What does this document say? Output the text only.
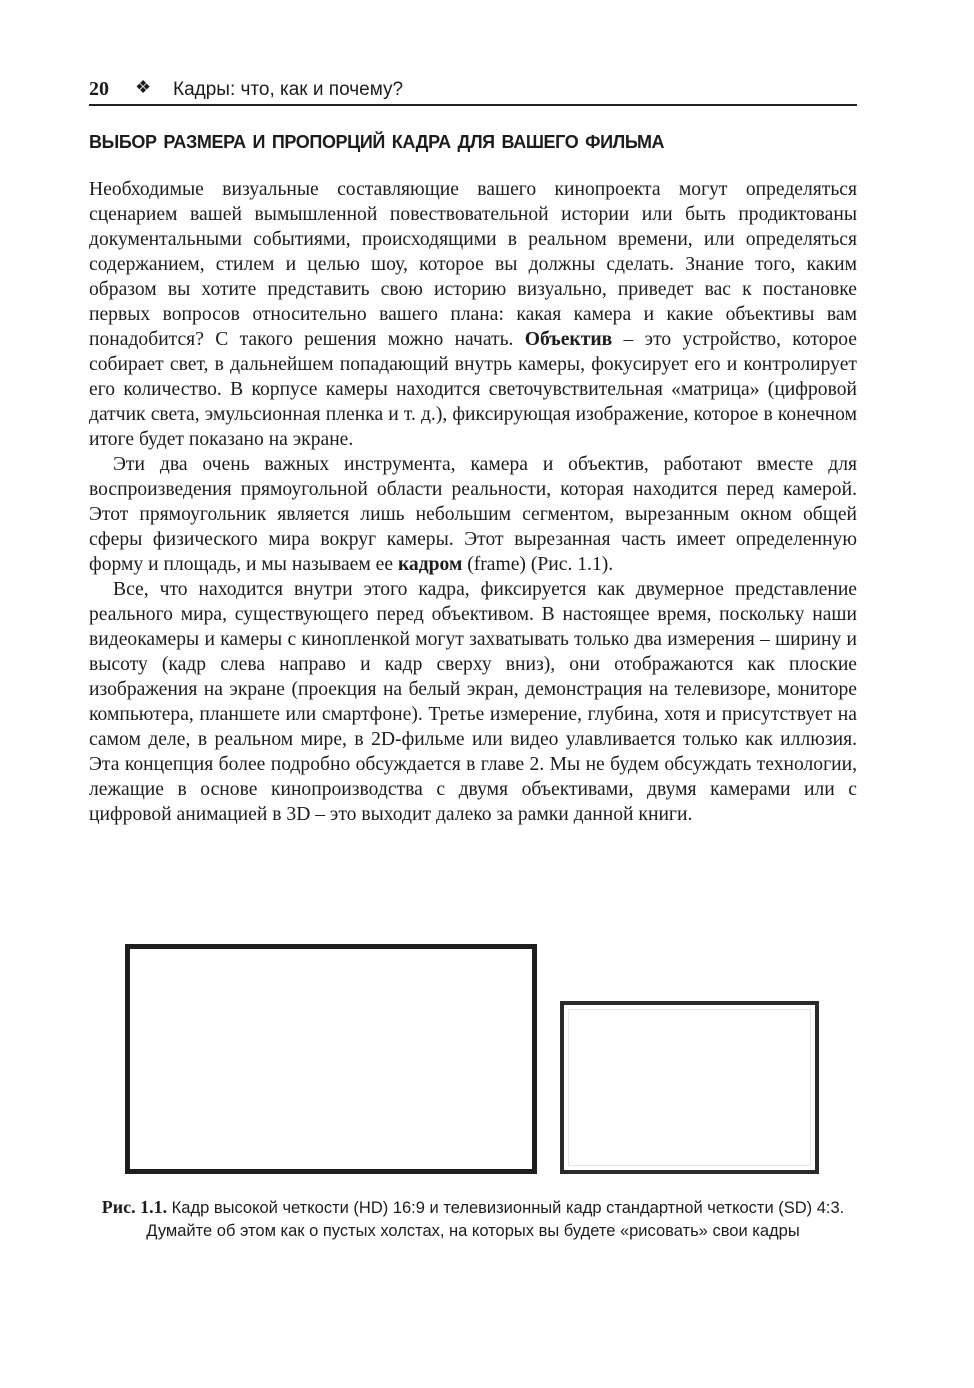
20 ❖ Кадры: что, как и почему?
выбор размера и пропорций кадра для вашего фильма

Необходимые визуальные составляющие вашего кинопроекта могут определяться сценарием вашей вымышленной повествовательной истории или быть продиктованы документальными событиями, происходящими в реальном времени, или определяться содержанием, стилем и целью шоу, которое вы должны сделать. Знание того, каким образом вы хотите представить свою историю визуально, приведет вас к постановке первых вопросов относительно вашего плана: какая камера и какие объективы вам понадобится? С такого решения можно начать. Объектив – это устройство, которое собирает свет, в дальнейшем попадающий внутрь камеры, фокусирует его и контролирует его количество. В корпусе камеры находится светочувствительная «матрица» (цифровой датчик света, эмульсионная пленка и т. д.), фиксирующая изображение, которое в конечном итоге будет показано на экране.

Эти два очень важных инструмента, камера и объектив, работают вместе для воспроизведения прямоугольной области реальности, которая находится перед камерой. Этот прямоугольник является лишь небольшим сегментом, вырезанным окном общей сферы физического мира вокруг камеры. Этот вырезанная часть имеет определенную форму и площадь, и мы называем ее кадром (frame) (Рис. 1.1).

Все, что находится внутри этого кадра, фиксируется как двумерное представление реального мира, существующего перед объективом. В настоящее время, поскольку наши видеокамеры и камеры с кинопленкой могут захватывать только два измерения – ширину и высоту (кадр слева направо и кадр сверху вниз), они отображаются как плоские изображения на экране (проекция на белый экран, демонстрация на телевизоре, мониторе компьютера, планшете или смартфоне). Третье измерение, глубина, хотя и присутствует на самом деле, в реальном мире, в 2D-фильме или видео улавливается только как иллюзия. Эта концепция более подробно обсуждается в главе 2. Мы не будем обсуждать технологии, лежащие в основе кинопроизводства с двумя объективами, двумя камерами или с цифровой анимацией в 3D – это выходит далеко за рамки данной книги.

Рис. 1.1. Кадр высокой четкости (HD) 16:9 и телевизионный кадр стандартной четкости (SD) 4:3. Думайте об этом как о пустых холстах, на которых вы будете «рисовать» свои кадры
